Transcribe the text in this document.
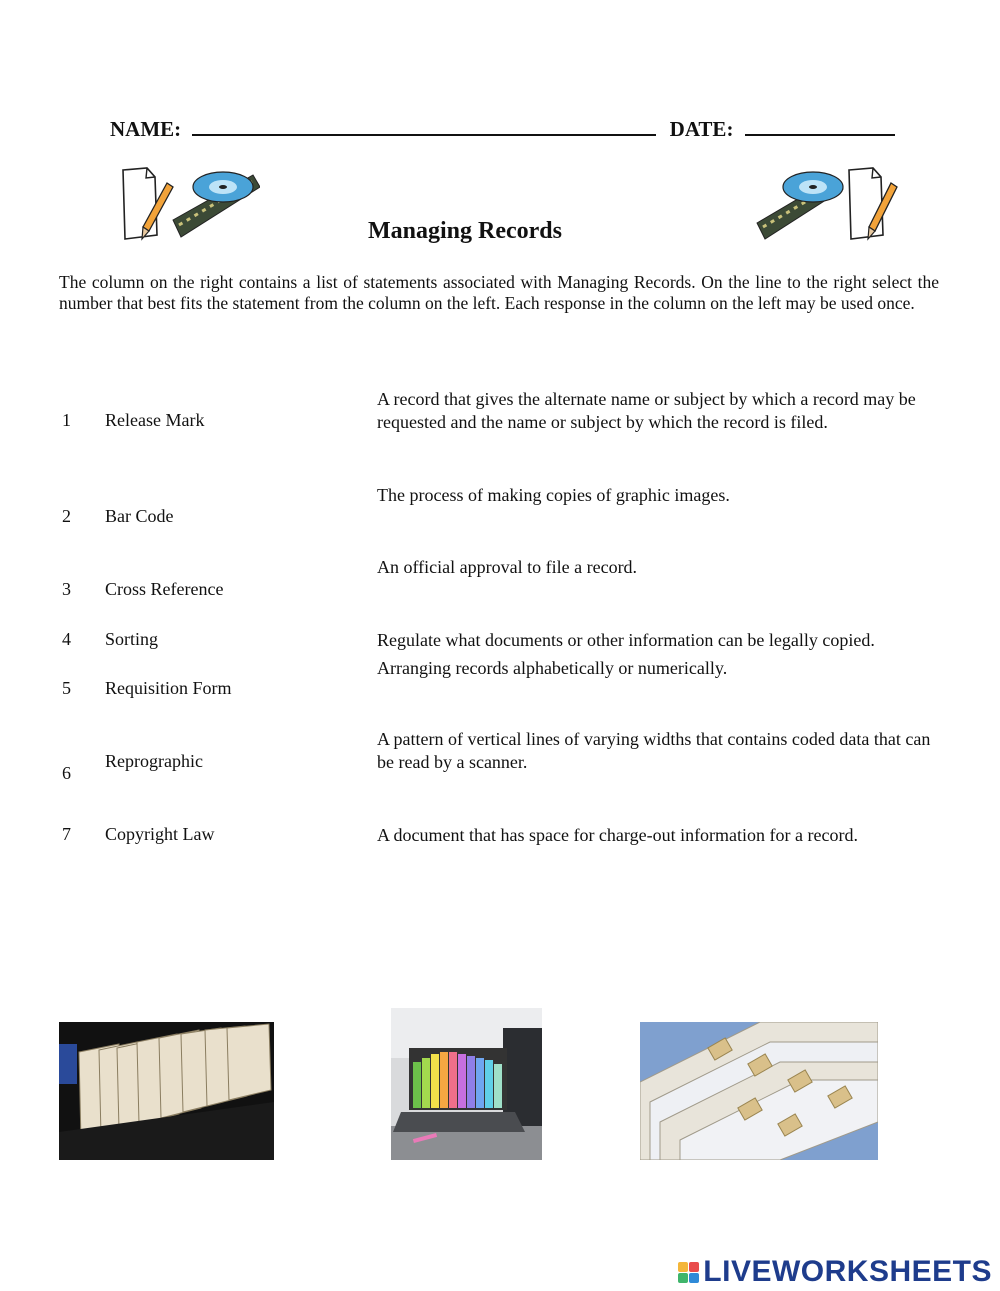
NAME:	DATE:
Managing Records
The column on the right contains a list of statements associated with Managing Records. On the line to the right select the number that best fits the statement from the column on the left. Each response in the column on the left may be used once.
1 Release Mark
2 Bar Code
3 Cross Reference
4 Sorting
5 Requisition Form
6
Reprographic
7 Copyright Law
A record that gives the alternate name or subject by which a record may be requested and the name or subject by which the record is filed.
The process of making copies of graphic images.
An official approval to file a record.
Regulate what documents or other information can be legally copied.
Arranging records alphabetically or numerically.
A pattern of vertical lines of varying widths that contains coded data that can be read by a scanner.
A document that has space for charge-out information for a record.
LIVEWORKSHEETS
